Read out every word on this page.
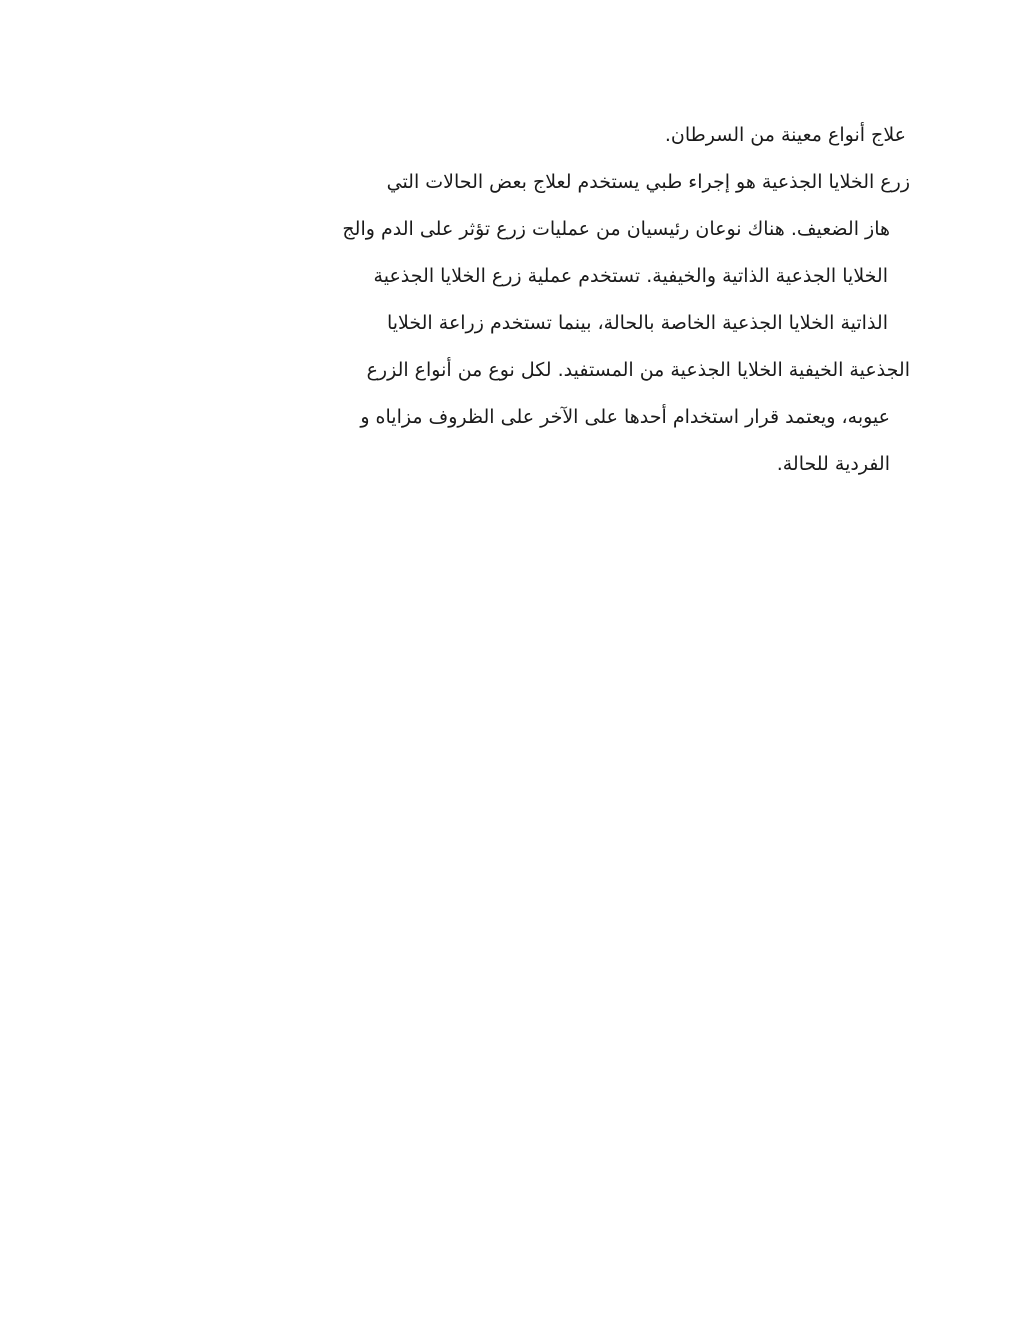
علاج أنواع معينة من السرطان.
زرع الخلايا الجذعية هو إجراء طبي يستخدم لعلاج بعض الحالات التي
هاز الضعيف. هناك نوعان رئيسيان من عمليات زرع تؤثر على الدم والج
الخلايا الجذعية الذاتية والخيفية. تستخدم عملية زرع الخلايا الجذعية
الذاتية الخلايا الجذعية الخاصة بالحالة، بينما تستخدم زراعة الخلايا
الجذعية الخيفية الخلايا الجذعية من المستفيد. لكل نوع من أنواع الزرع
عيوبه، ويعتمد قرار استخدام أحدها على الآخر على الظروف مزاياه و
الفردية للحالة.
